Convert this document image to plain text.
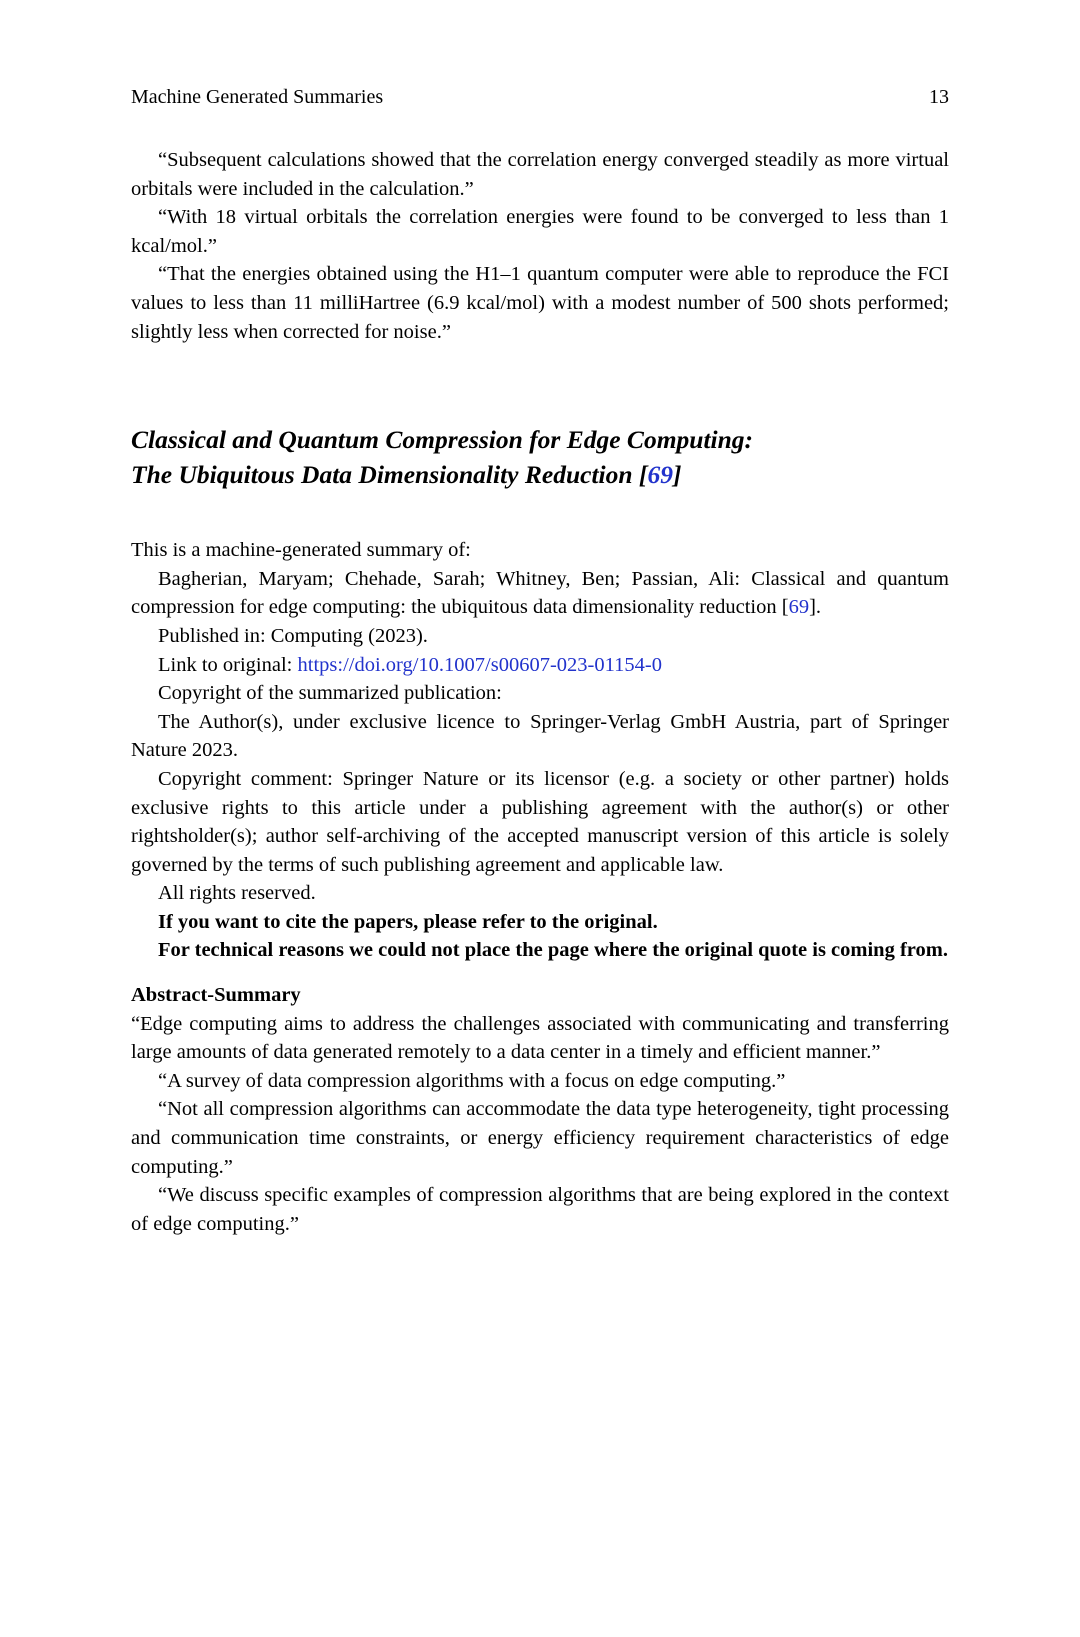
Machine Generated Summaries	13

“Subsequent calculations showed that the correlation energy converged steadily as more virtual orbitals were included in the calculation.”

“With 18 virtual orbitals the correlation energies were found to be converged to less than 1 kcal/mol.”

“That the energies obtained using the H1–1 quantum computer were able to reproduce the FCI values to less than 11 milliHartree (6.9 kcal/mol) with a modest number of 500 shots performed; slightly less when corrected for noise.”

Classical and Quantum Compression for Edge Computing:
The Ubiquitous Data Dimensionality Reduction [69]

This is a machine-generated summary of:

Bagherian, Maryam; Chehade, Sarah; Whitney, Ben; Passian, Ali: Classical and quantum compression for edge computing: the ubiquitous data dimensionality reduction [69].

Published in: Computing (2023).

Link to original: https://doi.org/10.1007/s00607-023-01154-0

Copyright of the summarized publication:

The Author(s), under exclusive licence to Springer-Verlag GmbH Austria, part of Springer Nature 2023.

Copyright comment: Springer Nature or its licensor (e.g. a society or other partner) holds exclusive rights to this article under a publishing agreement with the author(s) or other rightsholder(s); author self-archiving of the accepted manuscript version of this article is solely governed by the terms of such publishing agreement and applicable law.

All rights reserved.

If you want to cite the papers, please refer to the original.

For technical reasons we could not place the page where the original quote is coming from.

Abstract-Summary

“Edge computing aims to address the challenges associated with communicating and transferring large amounts of data generated remotely to a data center in a timely and efficient manner.”

“A survey of data compression algorithms with a focus on edge computing.”

“Not all compression algorithms can accommodate the data type heterogeneity, tight processing and communication time constraints, or energy efficiency requirement characteristics of edge computing.”

“We discuss specific examples of compression algorithms that are being explored in the context of edge computing.”
